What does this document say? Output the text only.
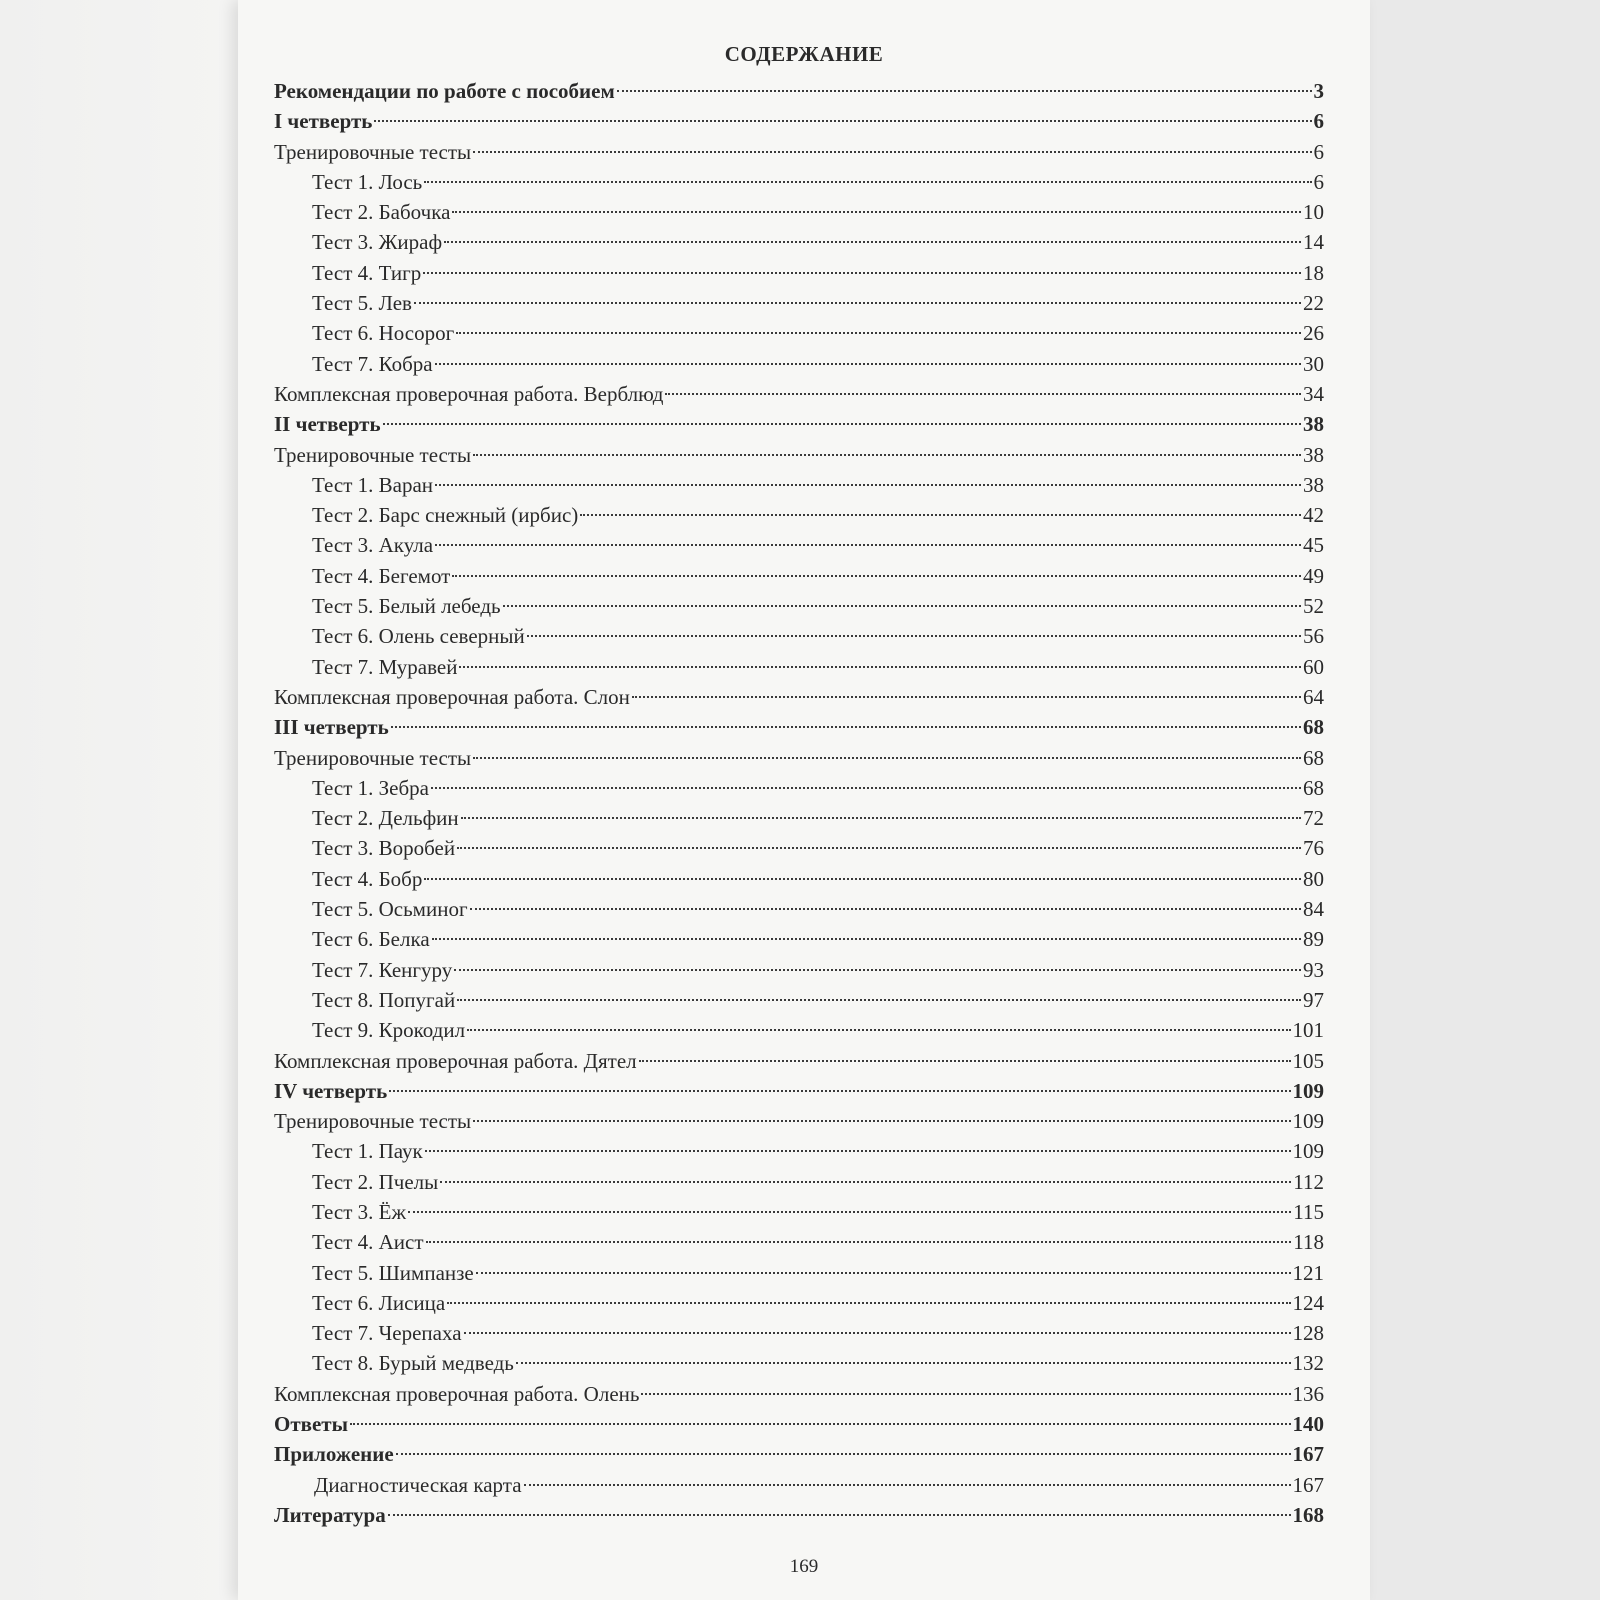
СОДЕРЖАНИЕ
Рекомендации по работе с пособием	3
I четверть	6
Тренировочные тесты	6
Тест 1. Лось	6
Тест 2. Бабочка	10
Тест 3. Жираф	14
Тест 4. Тигр	18
Тест 5. Лев	22
Тест 6. Носорог	26
Тест 7. Кобра	30
Комплексная проверочная работа. Верблюд	34
II четверть	38
Тренировочные тесты	38
Тест 1. Варан	38
Тест 2. Барс снежный (ирбис)	42
Тест 3. Акула	45
Тест 4. Бегемот	49
Тест 5. Белый лебедь	52
Тест 6. Олень северный	56
Тест 7. Муравей	60
Комплексная проверочная работа. Слон	64
III четверть	68
Тренировочные тесты	68
Тест 1. Зебра	68
Тест 2. Дельфин	72
Тест 3. Воробей	76
Тест 4. Бобр	80
Тест 5. Осьминог	84
Тест 6. Белка	89
Тест 7. Кенгуру	93
Тест 8. Попугай	97
Тест 9. Крокодил	101
Комплексная проверочная работа. Дятел	105
IV четверть	109
Тренировочные тесты	109
Тест 1. Паук	109
Тест 2. Пчелы	112
Тест 3. Ёж	115
Тест 4. Аист	118
Тест 5. Шимпанзе	121
Тест 6. Лисица	124
Тест 7. Черепаха	128
Тест 8. Бурый медведь	132
Комплексная проверочная работа. Олень	136
Ответы	140
Приложение	167
Диагностическая карта	167
Литература	168
169
